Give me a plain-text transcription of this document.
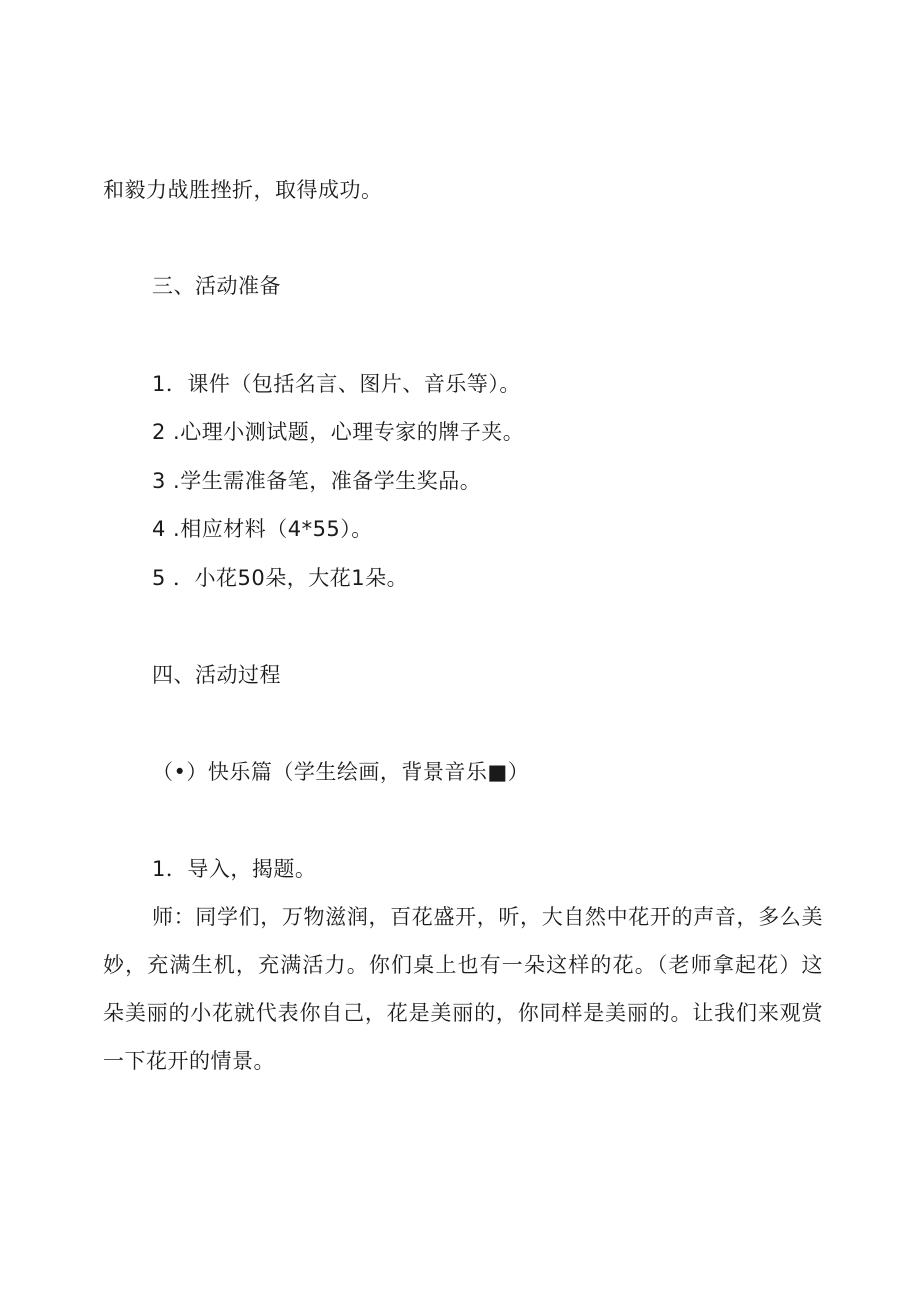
和毅力战胜挫折，取得成功。
三、活动准备
1．课件（包括名言、图片、音乐等）。
2 .心理小测试题，心理专家的牌子夹。
3 .学生需准备笔，准备学生奖品。
4 .相应材料（4*55）。
5 ．小花50朵，大花1朵。
四、活动过程
（•）快乐篇（学生绘画，背景音乐■）
1．导入，揭题。
师：同学们，万物滋润，百花盛开，听，大自然中花开的声音，多么美妙，充满生机，充满活力。你们桌上也有一朵这样的花。（老师拿起花）这朵美丽的小花就代表你自己，花是美丽的，你同样是美丽的。让我们来观赏一下花开的情景。
